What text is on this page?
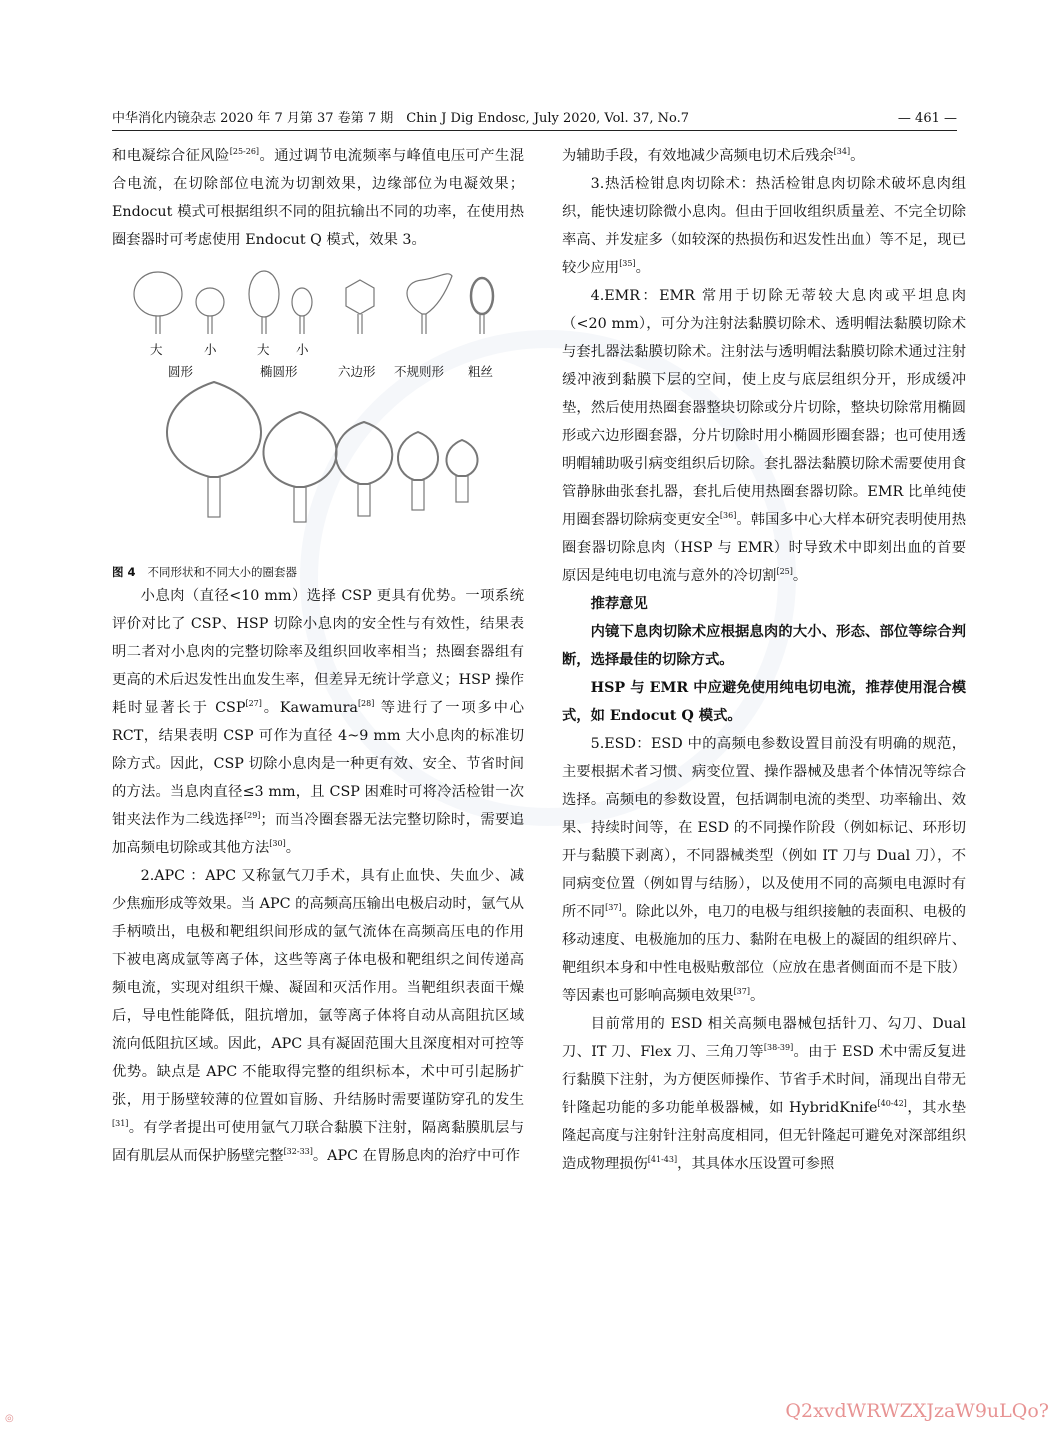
中华消化内镜杂志 2020 年 7 月第 37 卷第 7 期　Chin J Dig Endosc, July 2020, Vol. 37, No.7	— 461 —

和电凝综合征风险[25-26]。通过调节电流频率与峰值电压可产生混合电流，在切除部位电流为切割效果，边缘部位为电凝效果；Endocut 模式可根据组织不同的阻抗输出不同的功率，在使用热圈套器时可考虑使用 Endocut Q 模式，效果 3。

大	小	大 小
圆形	椭圆形	六边形 不规则形 粗丝

图 4 不同形状和不同大小的圈套器

小息肉（直径<10 mm）选择 CSP 更具有优势。一项系统评价对比了 CSP、HSP 切除小息肉的安全性与有效性，结果表明二者对小息肉的完整切除率及组织回收率相当；热圈套器组有更高的术后迟发性出血发生率，但差异无统计学意义；HSP 操作耗时显著长于 CSP[27]。Kawamura[28] 等进行了一项多中心 RCT，结果表明 CSP 可作为直径 4~9 mm 大小息肉的标准切除方式。因此，CSP 切除小息肉是一种更有效、安全、节省时间的方法。当息肉直径≤3 mm，且 CSP 困难时可将冷活检钳一次钳夹法作为二线选择[29]；而当冷圈套器无法完整切除时，需要追加高频电切除或其他方法[30]。

2.APC ：APC 又称氩气刀手术，具有止血快、失血少、减少焦痂形成等效果。当 APC 的高频高压输出电极启动时，氩气从手柄喷出，电极和靶组织间形成的氩气流体在高频高压电的作用下被电离成氩等离子体，这些等离子体电极和靶组织之间传递高频电流，实现对组织干燥、凝固和灭活作用。当靶组织表面干燥后，导电性能降低，阻抗增加，氩等离子体将自动从高阻抗区域流向低阻抗区域。因此，APC 具有凝固范围大且深度相对可控等优势。缺点是 APC 不能取得完整的组织标本，术中可引起肠扩张，用于肠壁较薄的位置如盲肠、升结肠时需要谨防穿孔的发生[31]。有学者提出可使用氩气刀联合黏膜下注射，隔离黏膜肌层与固有肌层从而保护肠壁完整[32-33]。APC 在胃肠息肉的治疗中可作

为辅助手段，有效地减少高频电切术后残余[34]。

3.热活检钳息肉切除术：热活检钳息肉切除术破坏息肉组织，能快速切除微小息肉。但由于回收组织质量差、不完全切除率高、并发症多（如较深的热损伤和迟发性出血）等不足，现已较少应用[35]。

4.EMR：EMR 常用于切除无蒂较大息肉或平坦息肉（<20 mm），可分为注射法黏膜切除术、透明帽法黏膜切除术与套扎器法黏膜切除术。注射法与透明帽法黏膜切除术通过注射缓冲液到黏膜下层的空间，使上皮与底层组织分开，形成缓冲垫，然后使用热圈套器整块切除或分片切除，整块切除常用椭圆形或六边形圈套器，分片切除时用小椭圆形圈套器；也可使用透明帽辅助吸引病变组织后切除。套扎器法黏膜切除术需要使用食管静脉曲张套扎器，套扎后使用热圈套器切除。EMR 比单纯使用圈套器切除病变更安全[36]。韩国多中心大样本研究表明使用热圈套器切除息肉（HSP 与 EMR）时导致术中即刻出血的首要原因是纯电切电流与意外的冷切割[25]。

推荐意见

内镜下息肉切除术应根据息肉的大小、形态、部位等综合判断，选择最佳的切除方式。

HSP 与 EMR 中应避免使用纯电切电流，推荐使用混合模式，如 Endocut Q 模式。

5.ESD：ESD 中的高频电参数设置目前没有明确的规范，主要根据术者习惯、病变位置、操作器械及患者个体情况等综合选择。高频电的参数设置，包括调制电流的类型、功率输出、效果、持续时间等，在 ESD 的不同操作阶段（例如标记、环形切开与黏膜下剥离），不同器械类型（例如 IT 刀与 Dual 刀），不同病变位置（例如胃与结肠），以及使用不同的高频电电源时有所不同[37]。除此以外，电刀的电极与组织接触的表面积、电极的移动速度、电极施加的压力、黏附在电极上的凝固的组织碎片、靶组织本身和中性电极贴敷部位（应放在患者侧面而不是下肢）等因素也可影响高频电效果[37]。

目前常用的 ESD 相关高频电器械包括针刀、勾刀、Dual 刀、IT 刀、Flex 刀、三角刀等[38-39]。由于 ESD 术中需反复进行黏膜下注射，为方便医师操作、节省手术时间，涌现出自带无针隆起功能的多功能单极器械，如 HybridKnife[40-42]，其水垫隆起高度与注射针注射高度相同，但无针隆起可避免对深部组织造成物理损伤[41-43]，其具体水压设置可参照

◎	Q2xvdWRWZXJzaW9uLQo?
